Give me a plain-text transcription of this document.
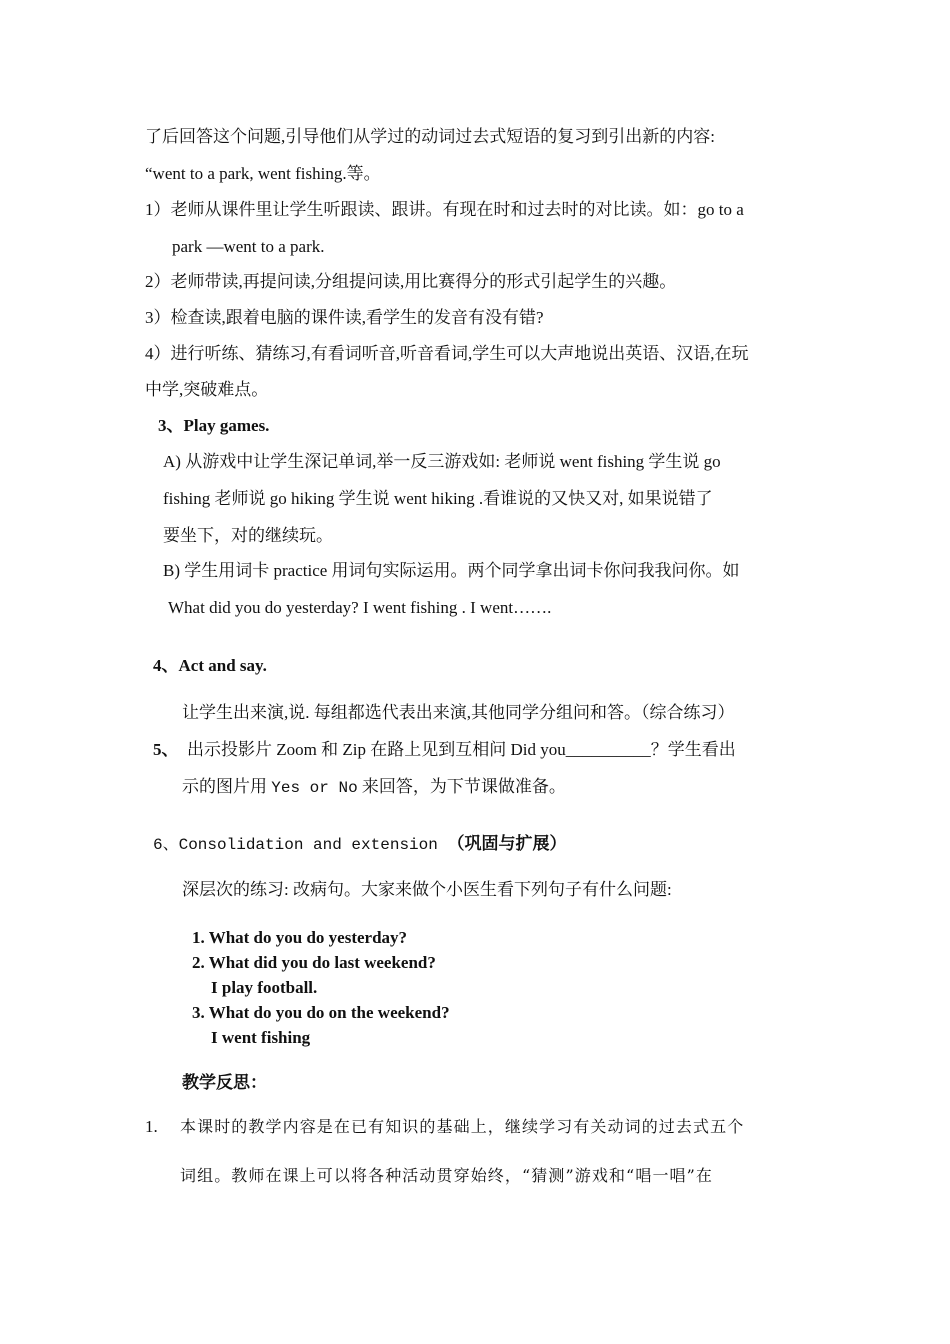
了后回答这个问题,引导他们从学过的动词过去式短语的复习到引出新的内容:
“went to a park, went fishing.等。
1）老师从课件里让学生听跟读、跟讲。有现在时和过去时的对比读。如：go to a
park —went to a park.
2）老师带读,再提问读,分组提问读,用比赛得分的形式引起学生的兴趣。
3）检查读,跟着电脑的课件读,看学生的发音有没有错?
4）进行听练、猜练习,有看词听音,听音看词,学生可以大声地说出英语、汉语,在玩
中学,突破难点。
3、Play games.
A) 从游戏中让学生深记单词,举一反三游戏如: 老师说 went fishing 学生说 go
fishing 老师说 go hiking 学生说 went hiking .看谁说的又快又对, 如果说错了
要坐下，对的继续玩。
B) 学生用词卡 practice 用词句实际运用。两个同学拿出词卡你问我我问你。如
What did you do yesterday? I went fishing . I went…….
4、Act and say.
让学生出来演,说. 每组都选代表出来演,其他同学分组问和答。（综合练习）
5、 出示投影片 Zoom 和 Zip 在路上见到互相问 Did you__________？学生看出
示的图片用 Yes or No 来回答，为下节课做准备。
6、Consolidation and extension （巩固与扩展）
深层次的练习: 改病句。大家来做个小医生看下列句子有什么问题:
1. What do you do yesterday?
2. What did you do last weekend?
I play football.
3. What do you do on the weekend?
I went fishing
教学反思：
1. 本课时的教学内容是在已有知识的基础上，继续学习有关动词的过去式五个
词组。教师在课上可以将各种活动贯穿始终，“猜测”游戏和“唱一唱”在
